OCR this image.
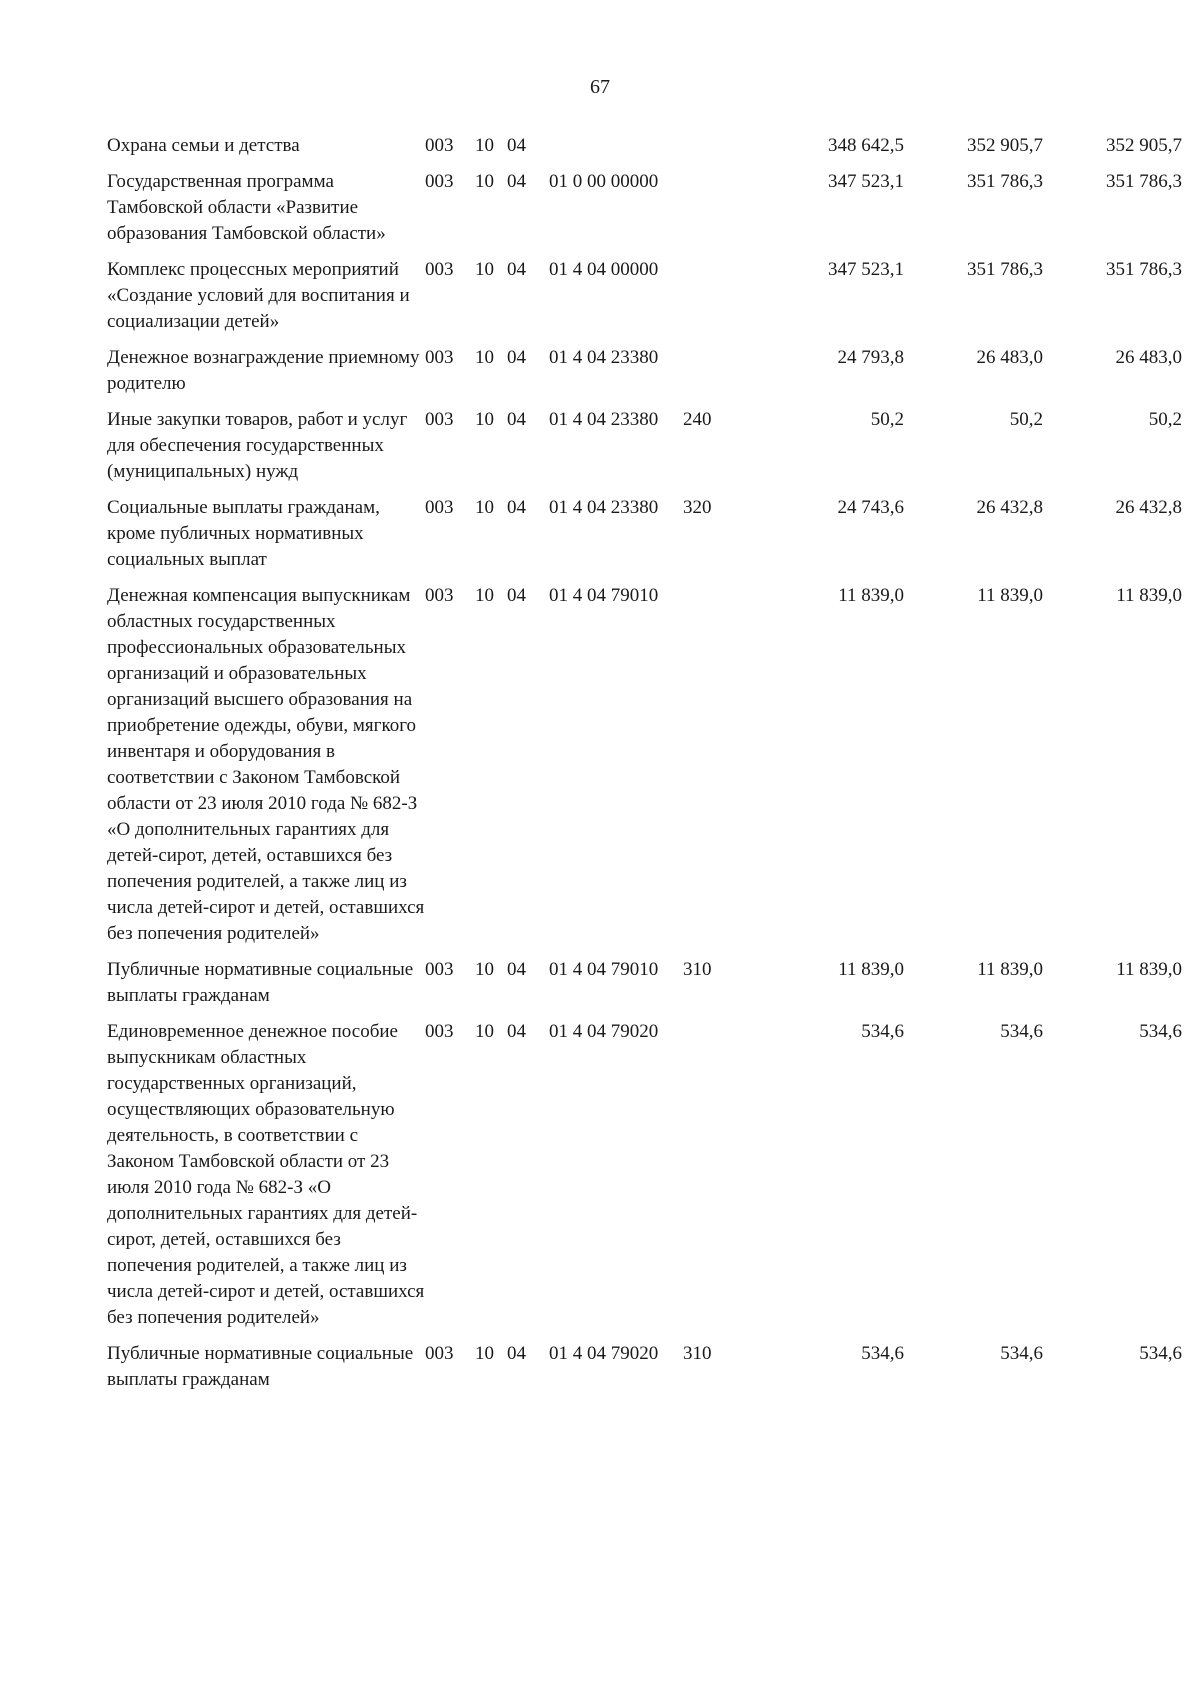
67
Охрана семьи и детства	003	10	04			348 642,5	352 905,7	352 905,7
Государственная программа Тамбовской области «Развитие образования Тамбовской области»	003	10	04	01 0 00 00000		347 523,1	351 786,3	351 786,3
Комплекс процессных мероприятий «Создание условий для воспитания и социализации детей»	003	10	04	01 4 04 00000		347 523,1	351 786,3	351 786,3
Денежное вознаграждение приемному родителю	003	10	04	01 4 04 23380		24 793,8	26 483,0	26 483,0
Иные закупки товаров, работ и услуг для обеспечения государственных (муниципальных) нужд	003	10	04	01 4 04 23380	240	50,2	50,2	50,2
Социальные выплаты гражданам, кроме публичных нормативных социальных выплат	003	10	04	01 4 04 23380	320	24 743,6	26 432,8	26 432,8
Денежная компенсация выпускникам областных государственных профессиональных образовательных организаций и образовательных организаций высшего образования на приобретение одежды, обуви, мягкого инвентаря и оборудования в соответствии с Законом Тамбовской области от 23 июля 2010 года № 682-З «О дополнительных гарантиях для детей-сирот, детей, оставшихся без попечения родителей, а также лиц из числа детей-сирот и детей, оставшихся без попечения родителей»	003	10	04	01 4 04 79010		11 839,0	11 839,0	11 839,0
Публичные нормативные социальные выплаты гражданам	003	10	04	01 4 04 79010	310	11 839,0	11 839,0	11 839,0
Единовременное денежное пособие выпускникам областных государственных организаций, осуществляющих образовательную деятельность, в соответствии с Законом Тамбовской области от 23 июля 2010 года № 682-З «О дополнительных гарантиях для детей-сирот, детей, оставшихся без попечения родителей, а также лиц из числа детей-сирот и детей, оставшихся без попечения родителей»	003	10	04	01 4 04 79020		534,6	534,6	534,6
Публичные нормативные социальные выплаты гражданам	003	10	04	01 4 04 79020	310	534,6	534,6	534,6
